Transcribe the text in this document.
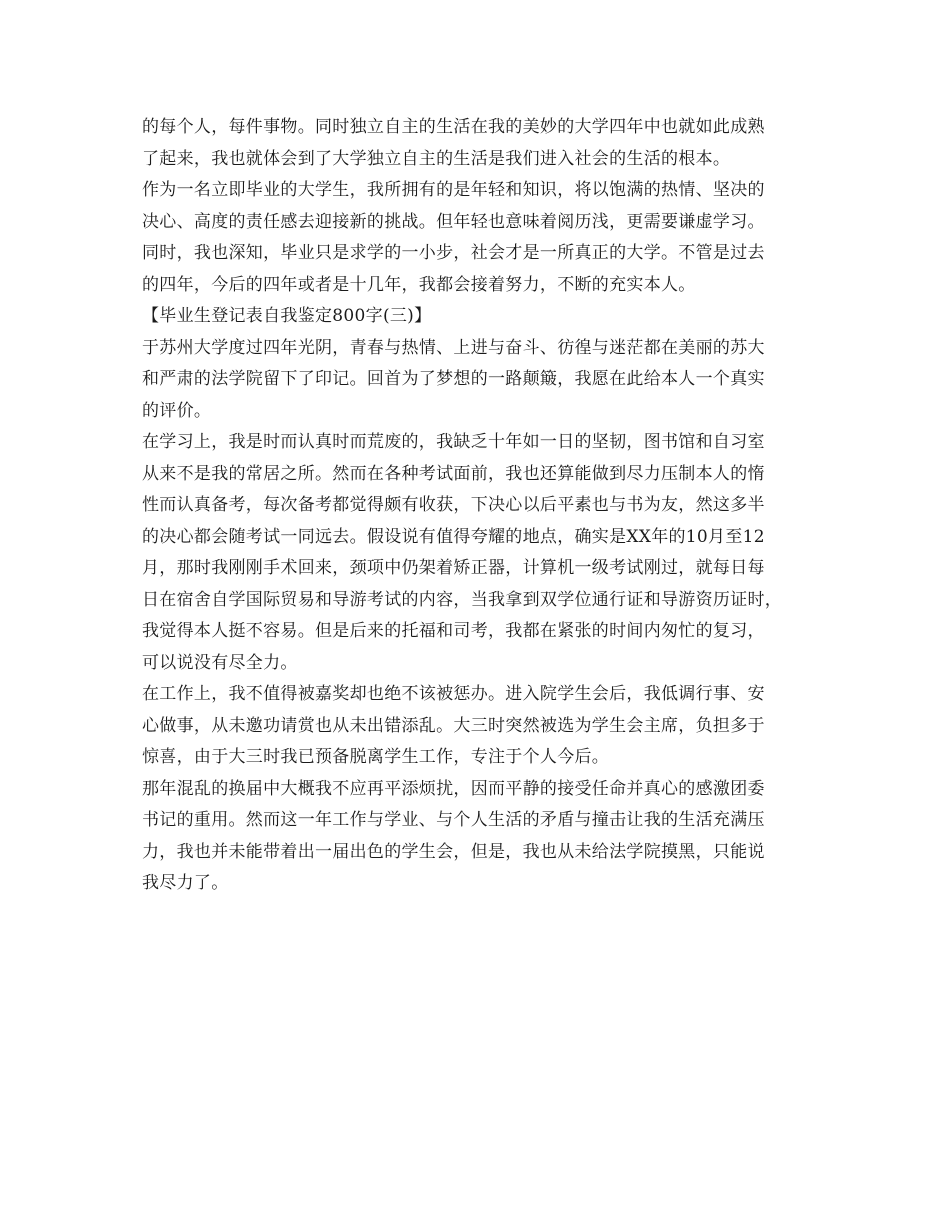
的每个人，每件事物。同时独立自主的生活在我的美妙的大学四年中也就如此成熟
了起来，我也就体会到了大学独立自主的生活是我们进入社会的生活的根本。
作为一名立即毕业的大学生，我所拥有的是年轻和知识，将以饱满的热情、坚决的
决心、高度的责任感去迎接新的挑战。但年轻也意味着阅历浅，更需要谦虚学习。
同时，我也深知，毕业只是求学的一小步，社会才是一所真正的大学。不管是过去
的四年，今后的四年或者是十几年，我都会接着努力，不断的充实本人。
【毕业生登记表自我鉴定800字(三)】
于苏州大学度过四年光阴，青春与热情、上进与奋斗、彷徨与迷茫都在美丽的苏大
和严肃的法学院留下了印记。回首为了梦想的一路颠簸，我愿在此给本人一个真实
的评价。
在学习上，我是时而认真时而荒废的，我缺乏十年如一日的坚韧，图书馆和自习室
从来不是我的常居之所。然而在各种考试面前，我也还算能做到尽力压制本人的惰
性而认真备考，每次备考都觉得颇有收获，下决心以后平素也与书为友，然这多半
的决心都会随考试一同远去。假设说有值得夸耀的地点，确实是XX年的10月至12
月，那时我刚刚手术回来，颈项中仍架着矫正器，计算机一级考试刚过，就每日每
日在宿舍自学国际贸易和导游考试的内容，当我拿到双学位通行证和导游资历证时，
我觉得本人挺不容易。但是后来的托福和司考，我都在紧张的时间内匆忙的复习，
可以说没有尽全力。
在工作上，我不值得被嘉奖却也绝不该被惩办。进入院学生会后，我低调行事、安
心做事，从未邀功请赏也从未出错添乱。大三时突然被选为学生会主席，负担多于
惊喜，由于大三时我已预备脱离学生工作，专注于个人今后。
那年混乱的换届中大概我不应再平添烦扰，因而平静的接受任命并真心的感激团委
书记的重用。然而这一年工作与学业、与个人生活的矛盾与撞击让我的生活充满压
力，我也并未能带着出一届出色的学生会，但是，我也从未给法学院摸黑，只能说
我尽力了。
